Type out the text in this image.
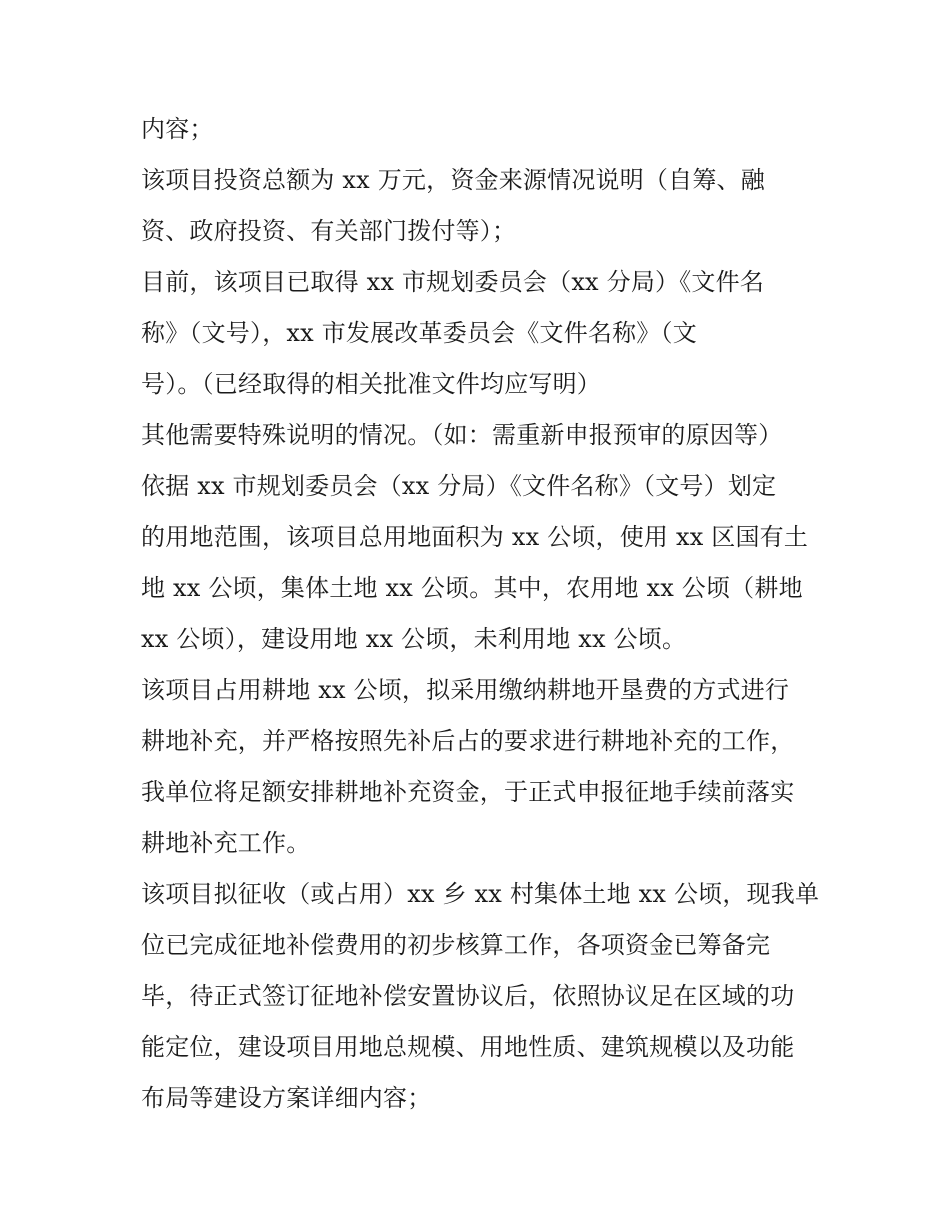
内容；
该项目投资总额为 xx 万元，资金来源情况说明（自筹、融
资、政府投资、有关部门拨付等）；
目前，该项目已取得 xx 市规划委员会（xx 分局）《文件名
称》（文号），xx 市发展改革委员会《文件名称》（文
号）。（已经取得的相关批准文件均应写明）
其他需要特殊说明的情况。（如：需重新申报预审的原因等）
依据 xx 市规划委员会（xx 分局）《文件名称》（文号）划定
的用地范围，该项目总用地面积为 xx 公顷，使用 xx 区国有土
地 xx 公顷，集体土地 xx 公顷。其中，农用地 xx 公顷（耕地
xx 公顷），建设用地 xx 公顷，未利用地 xx 公顷。
该项目占用耕地 xx 公顷，拟采用缴纳耕地开垦费的方式进行
耕地补充，并严格按照先补后占的要求进行耕地补充的工作，
我单位将足额安排耕地补充资金，于正式申报征地手续前落实
耕地补充工作。
该项目拟征收（或占用）xx 乡 xx 村集体土地 xx 公顷，现我单
位已完成征地补偿费用的初步核算工作，各项资金已筹备完
毕，待正式签订征地补偿安置协议后，依照协议足在区域的功
能定位，建设项目用地总规模、用地性质、建筑规模以及功能
布局等建设方案详细内容；
